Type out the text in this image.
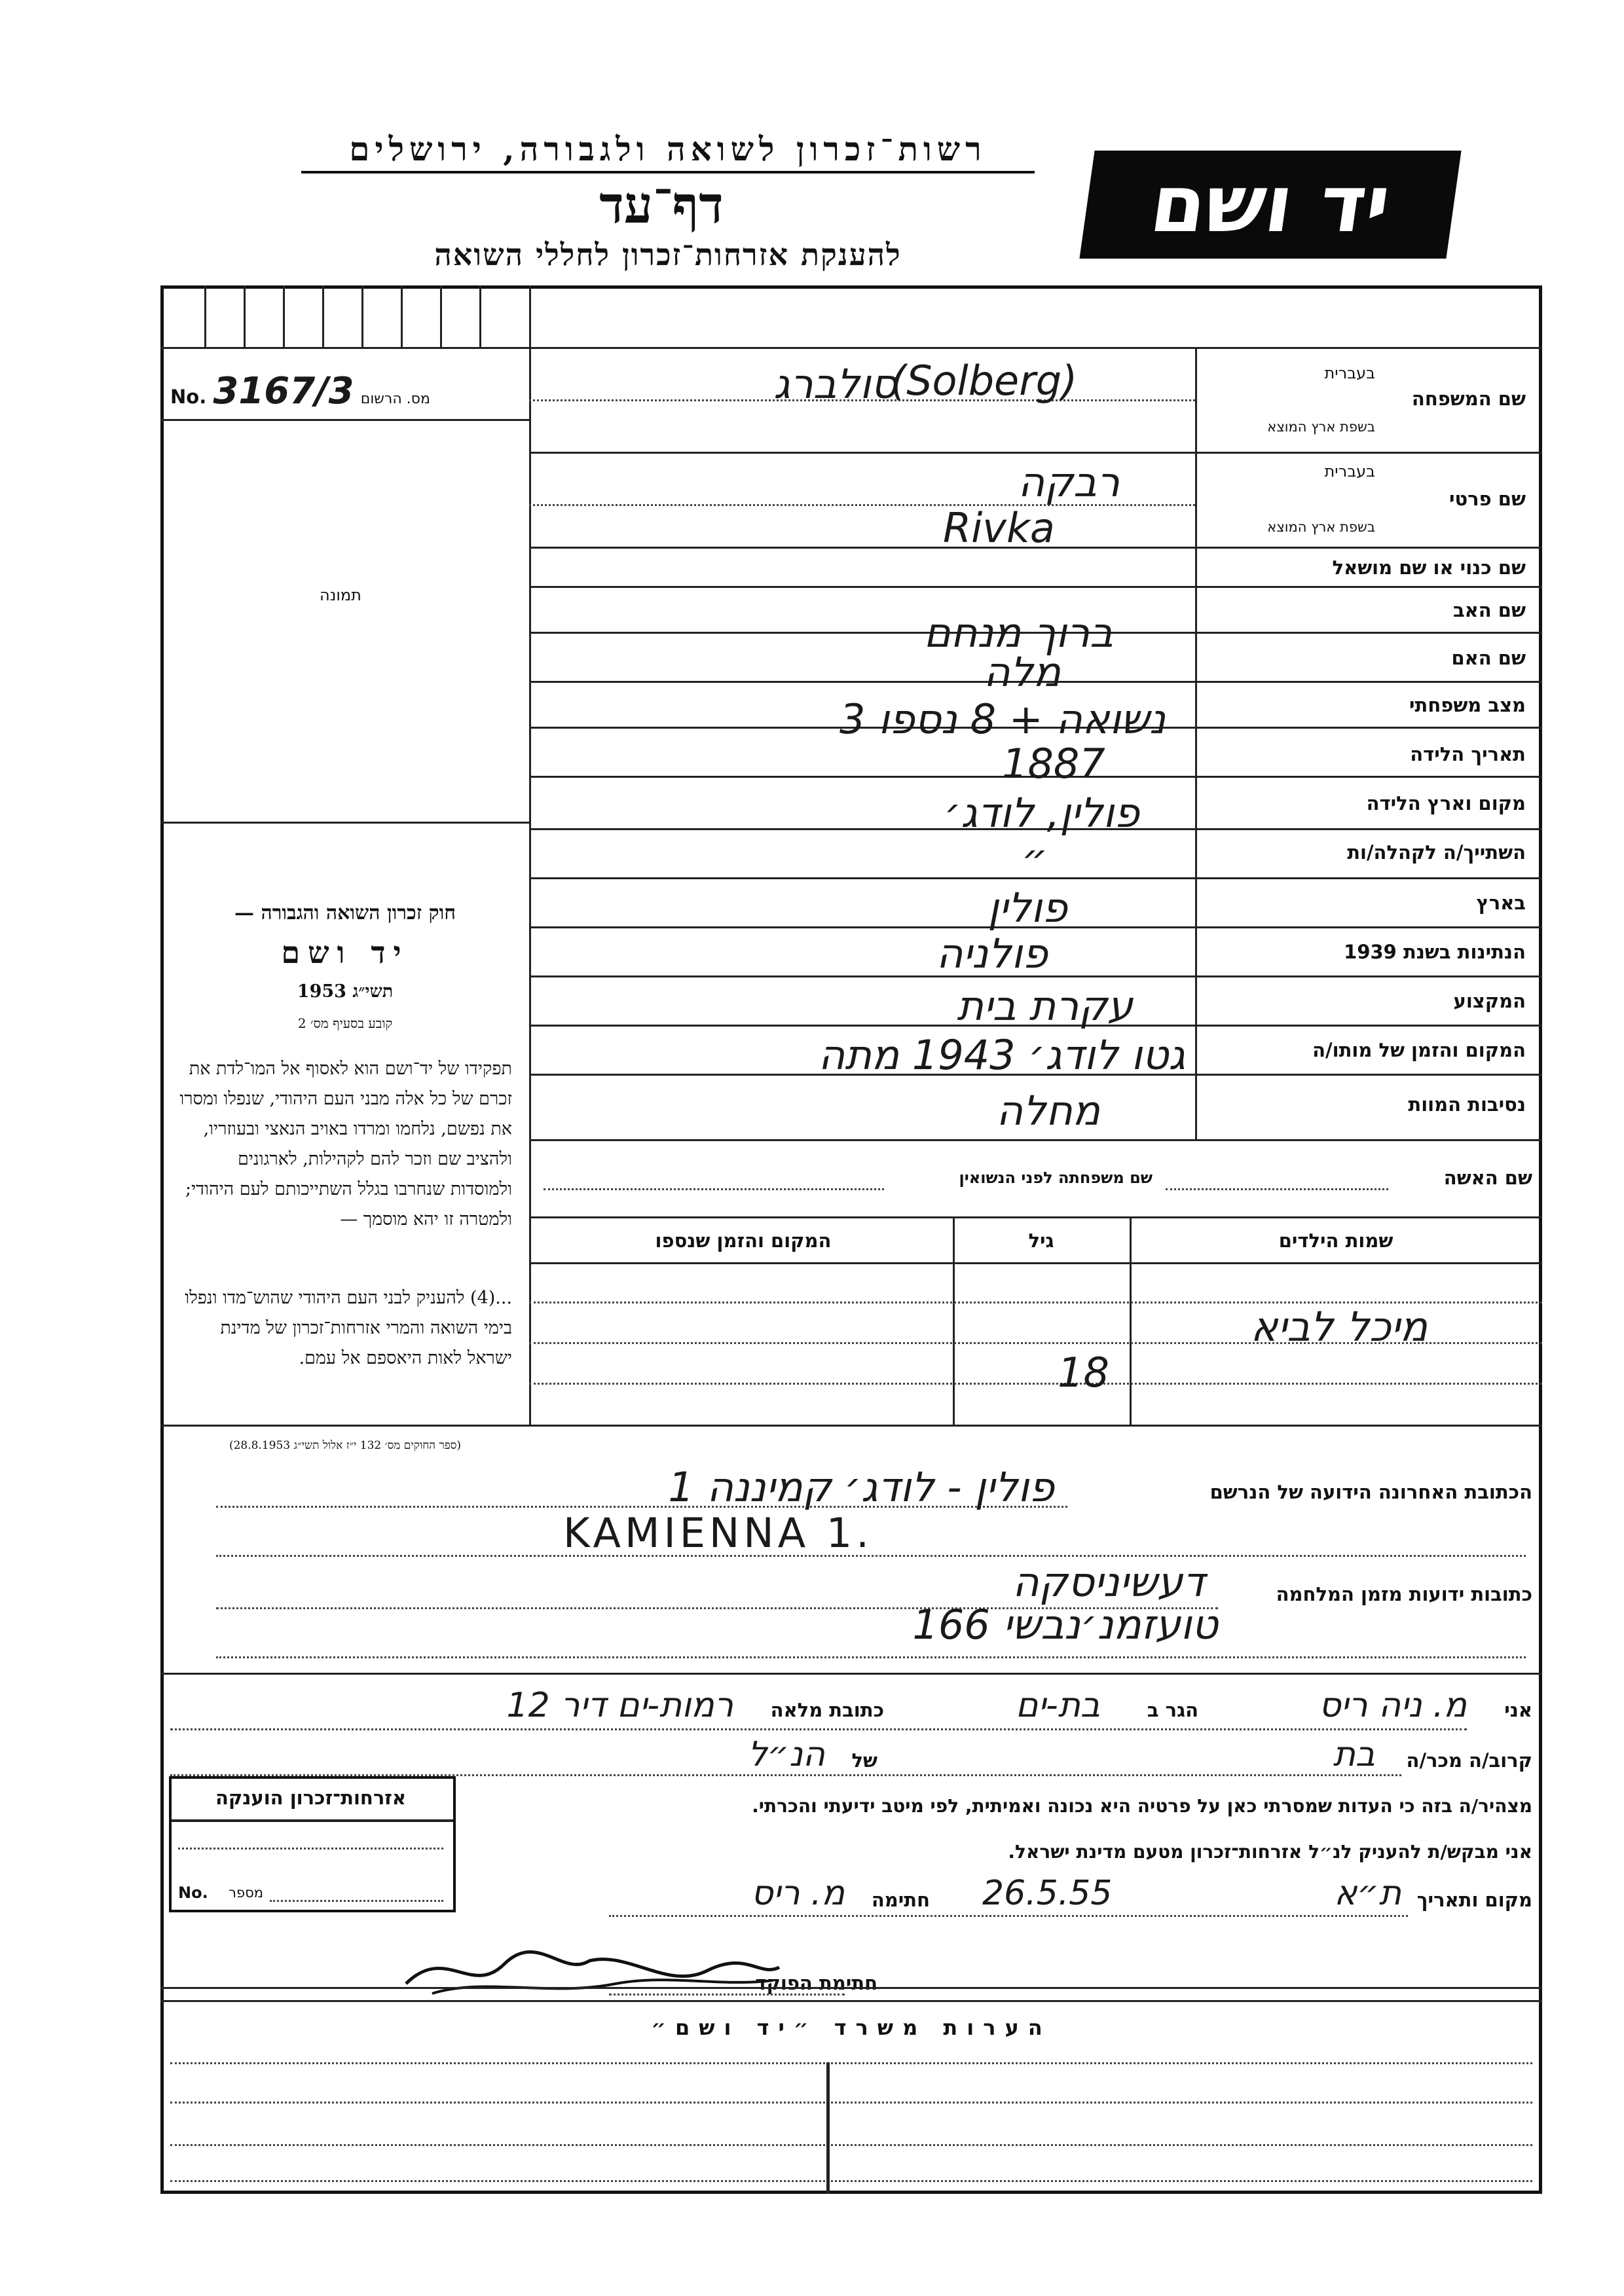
רשות־זכרון לשואה ולגבורה, ירושלים
דף־עד
להענקת אזרחות־זכרון לחללי השואה
יד ושם
No. 3167/3 מס. הרשום
תמונה
חוק זכרון השואה והגבורה —
יד ושם
תשי״ג 1953
קובע בסעיף מס׳ 2
תפקידו של יד־ושם הוא לאסוף אל המו־לדת את זכרם של כל אלה מבני העם היהודי, שנפלו ומסרו את נפשם, נלחמו ומרדו באויב הנאצי ובעוזריו, ולהציב שם וזכר להם לקהילות, לארגונים ולמוסדות שנחרבו בגלל השתייכותם לעם היהודי; ולמטרה זו יהא מוסמך —
...(4) להעניק לבני העם היהודי שהוש־מדו ונפלו בימי השואה והמרי אזרחות־זכרון של מדינת ישראל לאות היאספם אל עמם.
(ספר החוקים מס׳ 132 י״ז אלול תשי״ג 28.8.1953)
שם המשפחה
בעברית
בשפת ארץ המוצא
שם פרטי
בעברית
בשפת ארץ המוצא
שם כנוי או שם מושאל
שם האב
שם האם
מצב משפחתי
תאריך הלידה
מקום וארץ הלידה
השתייך/ה לקהלה/ות
בארץ
הנתינות בשנת 1939
המקצוע
המקום והזמן של מותו/ה
נסיבות המוות
סולברג
(Solberg)
רבקה
Rivka
ברוך מנחם
מלה
נשואה + 8 נספו 3
1887
פולין, לודג׳
״
פולין
פולניה
עקרת בית
גטו לודג׳ 1943 מתה
מחלה
שם האשה
שם משפחתה לפני הנשואין
שמות הילדים
גיל
המקום והזמן שנספו
מיכל לביא
18
הכתובת האחרונה הידועה של הנרשם
פולין - לודג׳ קמיננה 1
KAMIENNA 1.
כתובות ידועות מזמן המלחמה
דעשיניסקה
טועזמנ׳נבשי 166
אני
מ. ניה ריס
הגר ב
בת-ים
כתובת מלאה
רמות-ים דיר 12
קרוב/ה מכר/ה
בת
של
הנ״ל
מצהיר/ה בזה כי העדות שמסרתי כאן על פרטיה היא נכונה ואמיתית, לפי מיטב ידיעתי והכרתי.
אני מבקש/ת להעניק לנ״ל אזרחות־זכרון מטעם מדינת ישראל.
מקום ותאריך
ת״א
26.5.55
חתימה
מ. ריס
חתימת הפוקד
אזרחות־זכרון הוענקה
No.	מספר
הערות משרד ״יד ושם״
